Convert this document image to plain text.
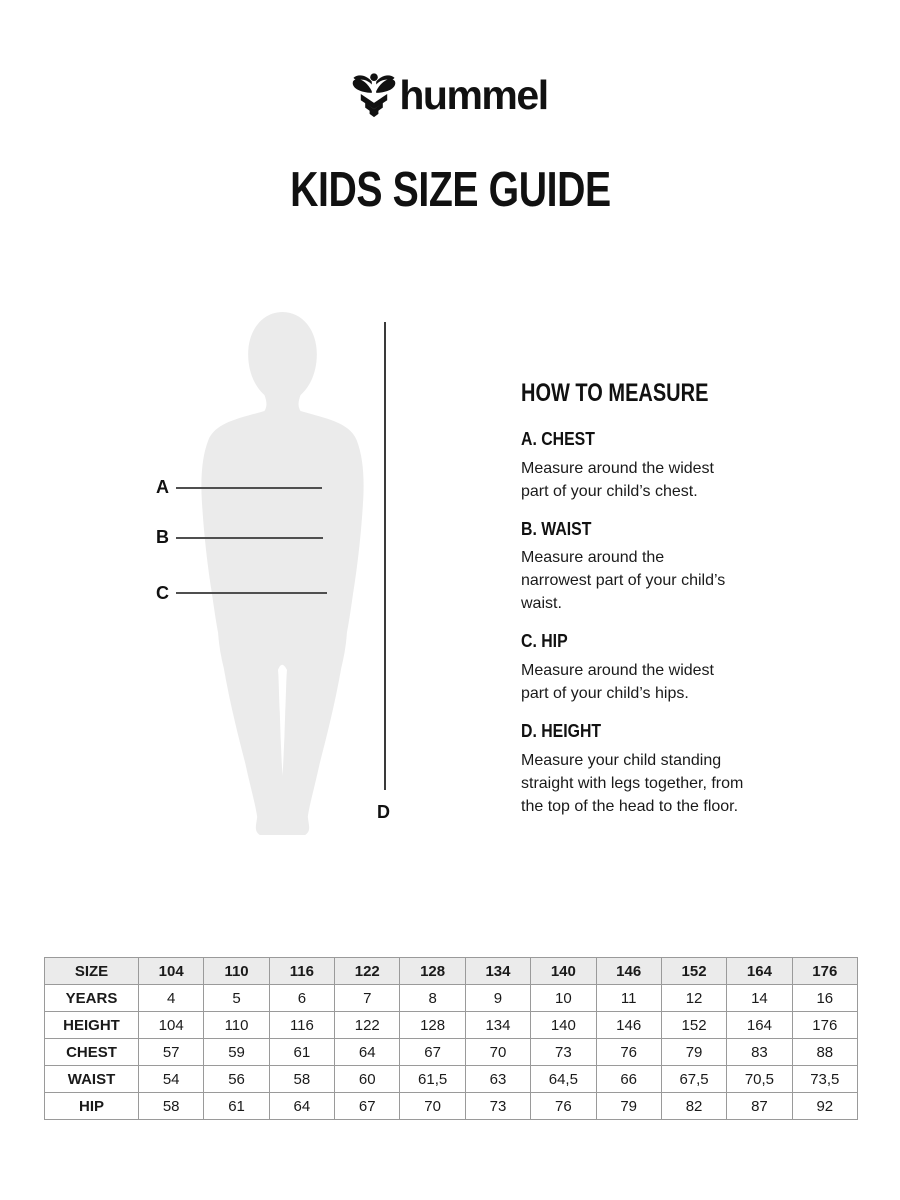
hummel
KIDS SIZE GUIDE
A
B
C
D
HOW TO MEASURE
A. CHEST

Measure around the widest part of your child’s chest.

B. WAIST

Measure around the narrowest part of your child’s waist.

C. HIP

Measure around the widest part of your child’s hips.

D. HEIGHT

Measure your child standing straight with legs together, from the top of the head to the floor.

SIZE	104	110	116	122	128	134	140	146	152	164	176
YEARS	4	5	6	7	8	9	10	11	12	14	16
HEIGHT	104	110	116	122	128	134	140	146	152	164	176
CHEST	57	59	61	64	67	70	73	76	79	83	88
WAIST	54	56	58	60	61,5	63	64,5	66	67,5	70,5	73,5
HIP	58	61	64	67	70	73	76	79	82	87	92
